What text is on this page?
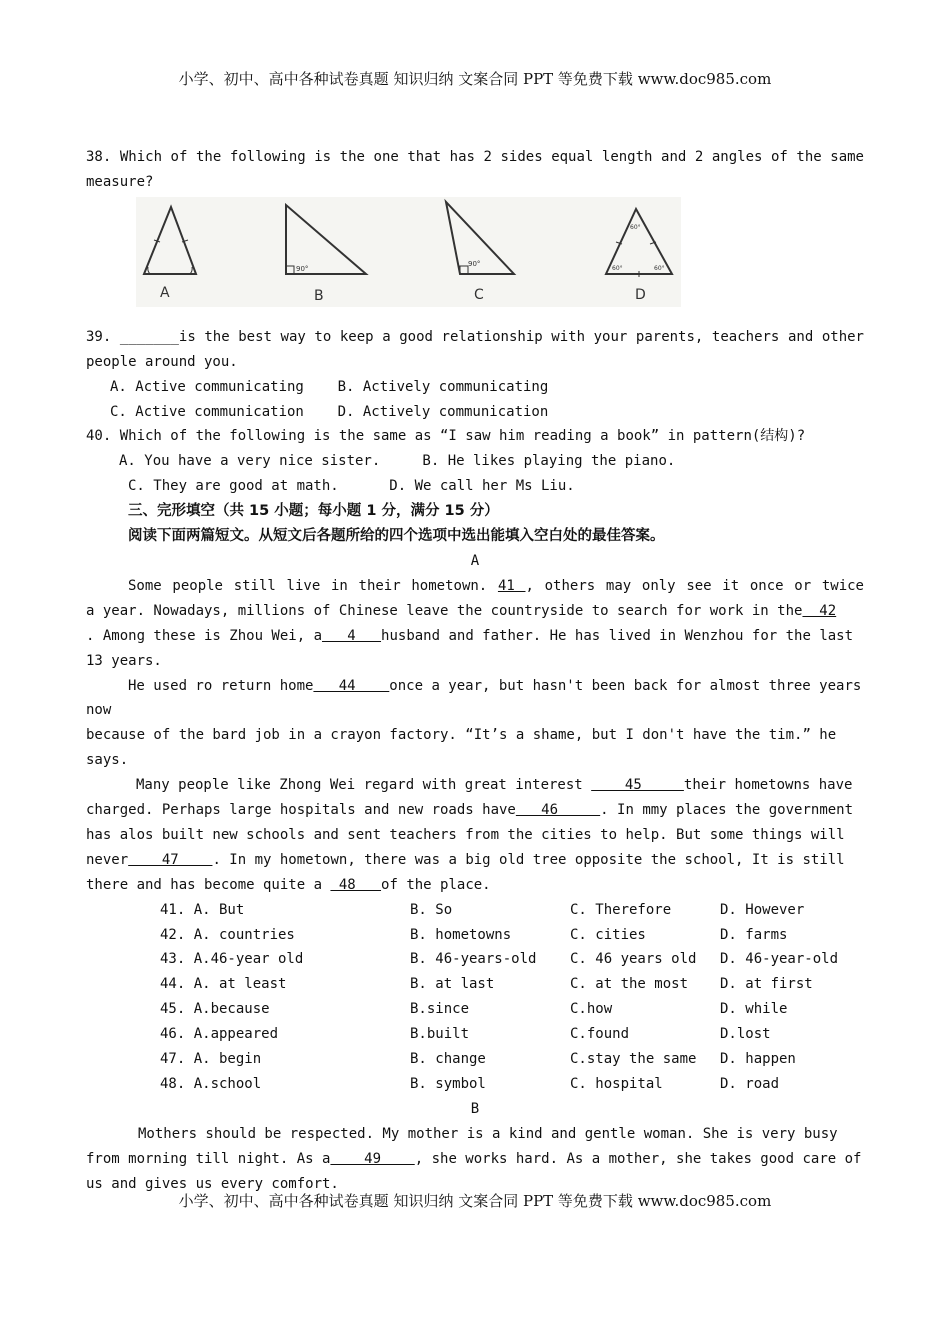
小学、初中、高中各种试卷真题 知识归纳 文案合同 PPT 等免费下载 www.doc985.com
38. Which of the following is the one that has 2 sides equal length and 2 angles of the same
measure?
A
90°
B
90°
C
60°
60°	60°
D
39. _______is the best way to keep a good relationship with your parents, teachers and other
people around you.
A. Active communicating    B. Actively communicating
C. Active communication    D. Actively communication
40. Which of the following is the same as “I saw him reading a book” in pattern(结构)?
A. You have a very nice sister.     B. He likes playing the piano.
C. They are good at math.      D. We call her Ms Liu.
三、完形填空（共 15 小题；每小题 1 分，满分 15 分）
阅读下面两篇短文。从短文后各题所给的四个选项中选出能填入空白处的最佳答案。
A
Some people still live in their hometown. 41 , others may only see it once or twice
a year. Nowadays, millions of Chinese leave the countryside to search for work in the  42
. Among these is Zhou Wei, a   4   husband and father. He has lived in Wenzhou for the last
13 years.
He used ro return home   44    once a year, but hasn't been back for almost three years
now
because of the bard job in a crayon factory. “It’s a shame, but I don't have the tim.” he
says.
Many people like Zhong Wei regard with great interest     45     their hometowns have
charged. Perhaps large hospitals and new roads have   46     . In mmy places the government
has alos built new schools and sent teachers from the cities to help. But some things will
never    47    . In my hometown, there was a big old tree opposite the school, It is still
there and has become quite a  48   of the place.
41. A. But	B. So	C. Therefore	D. However
42. A. countries	B. hometowns	C. cities	D. farms
43. A.46-year old	B. 46-years-old C. 46 years old D. 46-year-old
44. A. at least	B. at last	C. at the most D. at first
45. A.because	B.since	C.how	D. while
46. A.appeared	B.built	C.found	D.lost
47. A. begin	B. change	C.stay the same D. happen
48. A.school	B. symbol	C. hospital	D. road
B
Mothers should be respected. My mother is a kind and gentle woman. She is very busy
from morning till night. As a    49    , she works hard. As a mother, she takes good care of
us and gives us every comfort.
小学、初中、高中各种试卷真题 知识归纳 文案合同 PPT 等免费下载 www.doc985.com
